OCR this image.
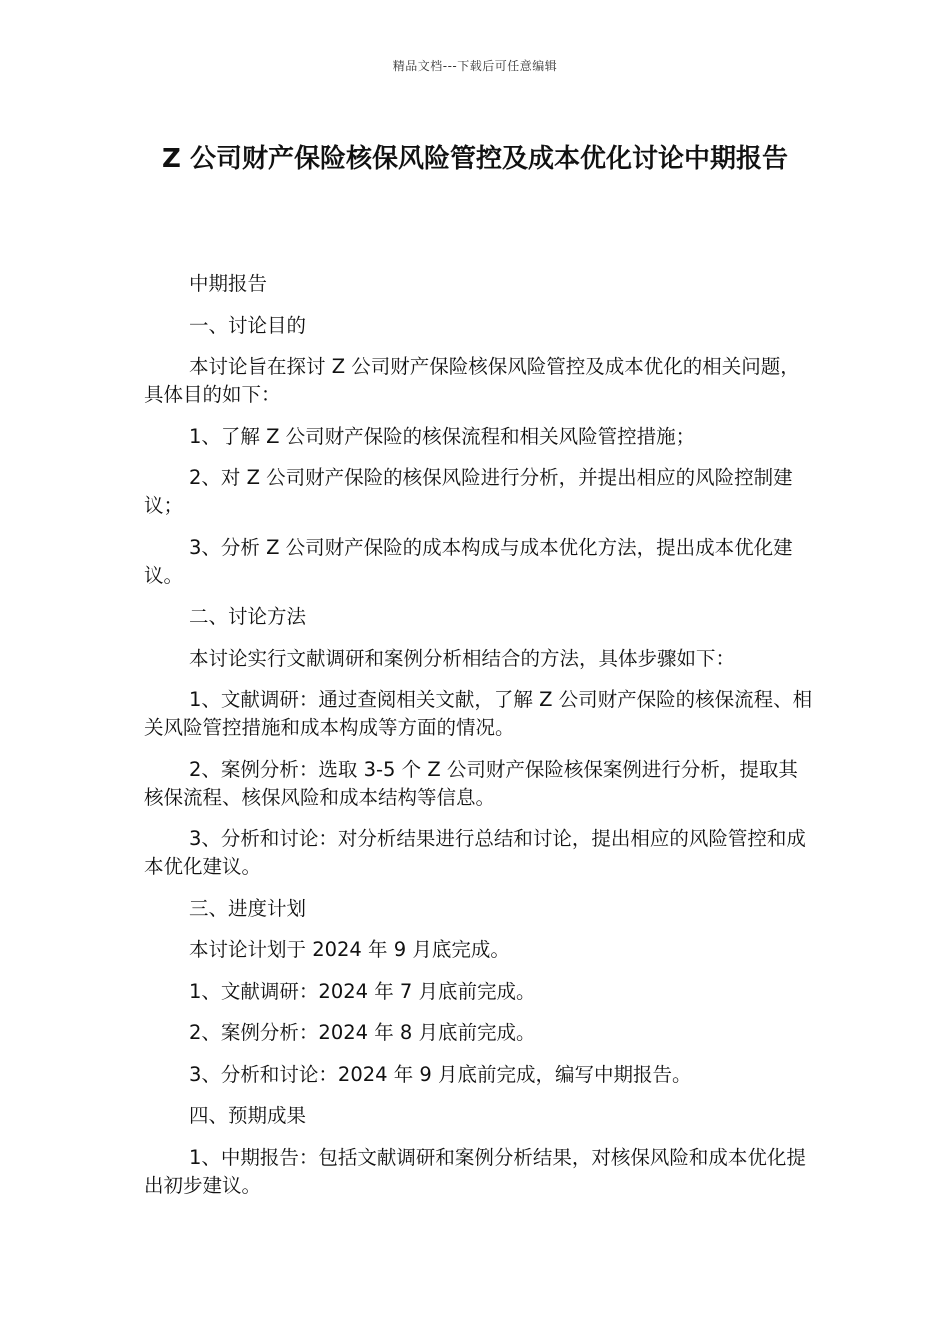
精品文档---下载后可任意编辑
Z 公司财产保险核保风险管控及成本优化讨论中期报告

中期报告

一、讨论目的

本讨论旨在探讨 Z 公司财产保险核保风险管控及成本优化的相关问题，具体目的如下：

1、了解 Z 公司财产保险的核保流程和相关风险管控措施；

2、对 Z 公司财产保险的核保风险进行分析，并提出相应的风险控制建议；

3、分析 Z 公司财产保险的成本构成与成本优化方法，提出成本优化建议。

二、讨论方法

本讨论实行文献调研和案例分析相结合的方法，具体步骤如下：

1、文献调研：通过查阅相关文献，了解 Z 公司财产保险的核保流程、相关风险管控措施和成本构成等方面的情况。

2、案例分析：选取 3-5 个 Z 公司财产保险核保案例进行分析，提取其核保流程、核保风险和成本结构等信息。

3、分析和讨论：对分析结果进行总结和讨论，提出相应的风险管控和成本优化建议。

三、进度计划

本讨论计划于 2024 年 9 月底完成。

1、文献调研：2024 年 7 月底前完成。

2、案例分析：2024 年 8 月底前完成。

3、分析和讨论：2024 年 9 月底前完成，编写中期报告。

四、预期成果

1、中期报告：包括文献调研和案例分析结果，对核保风险和成本优化提出初步建议。
